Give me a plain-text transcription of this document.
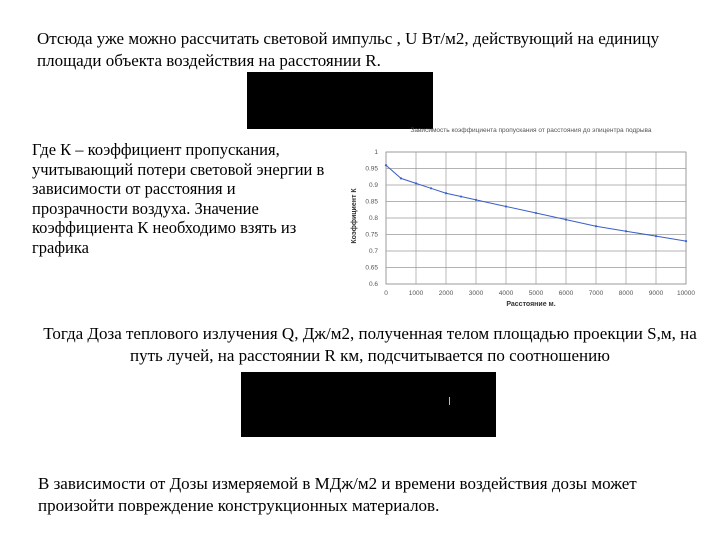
Отсюда уже можно рассчитать световой импульс , U Вт/м2, действующий на единицу площади объекта воздействия на расстоянии R.
Где К – коэффициент пропускания, учитывающий потери световой энергии в зависимости от расстояния и прозрачности воздуха. Значение коэффициента К необходимо взять из графика
Зависимость коэффициента пропускания от расстояния до эпицентра подрыва
Коэффициент К
Расстояние м.
1
0.95
0.9
0.85
0.8
0.75
0.7
0.65
0.6
0	1000 2000 3000 4000 5000 6000 7000 8000 9000 10000
Тогда Доза теплового излучения Q, Дж/м2, полученная телом площадью проекции S,м, на путь лучей, на расстоянии R км, подсчитывается по соотношению
В зависимости от Дозы измеряемой в МДж/м2 и времени воздействия дозы может произойти повреждение конструкционных материалов.
